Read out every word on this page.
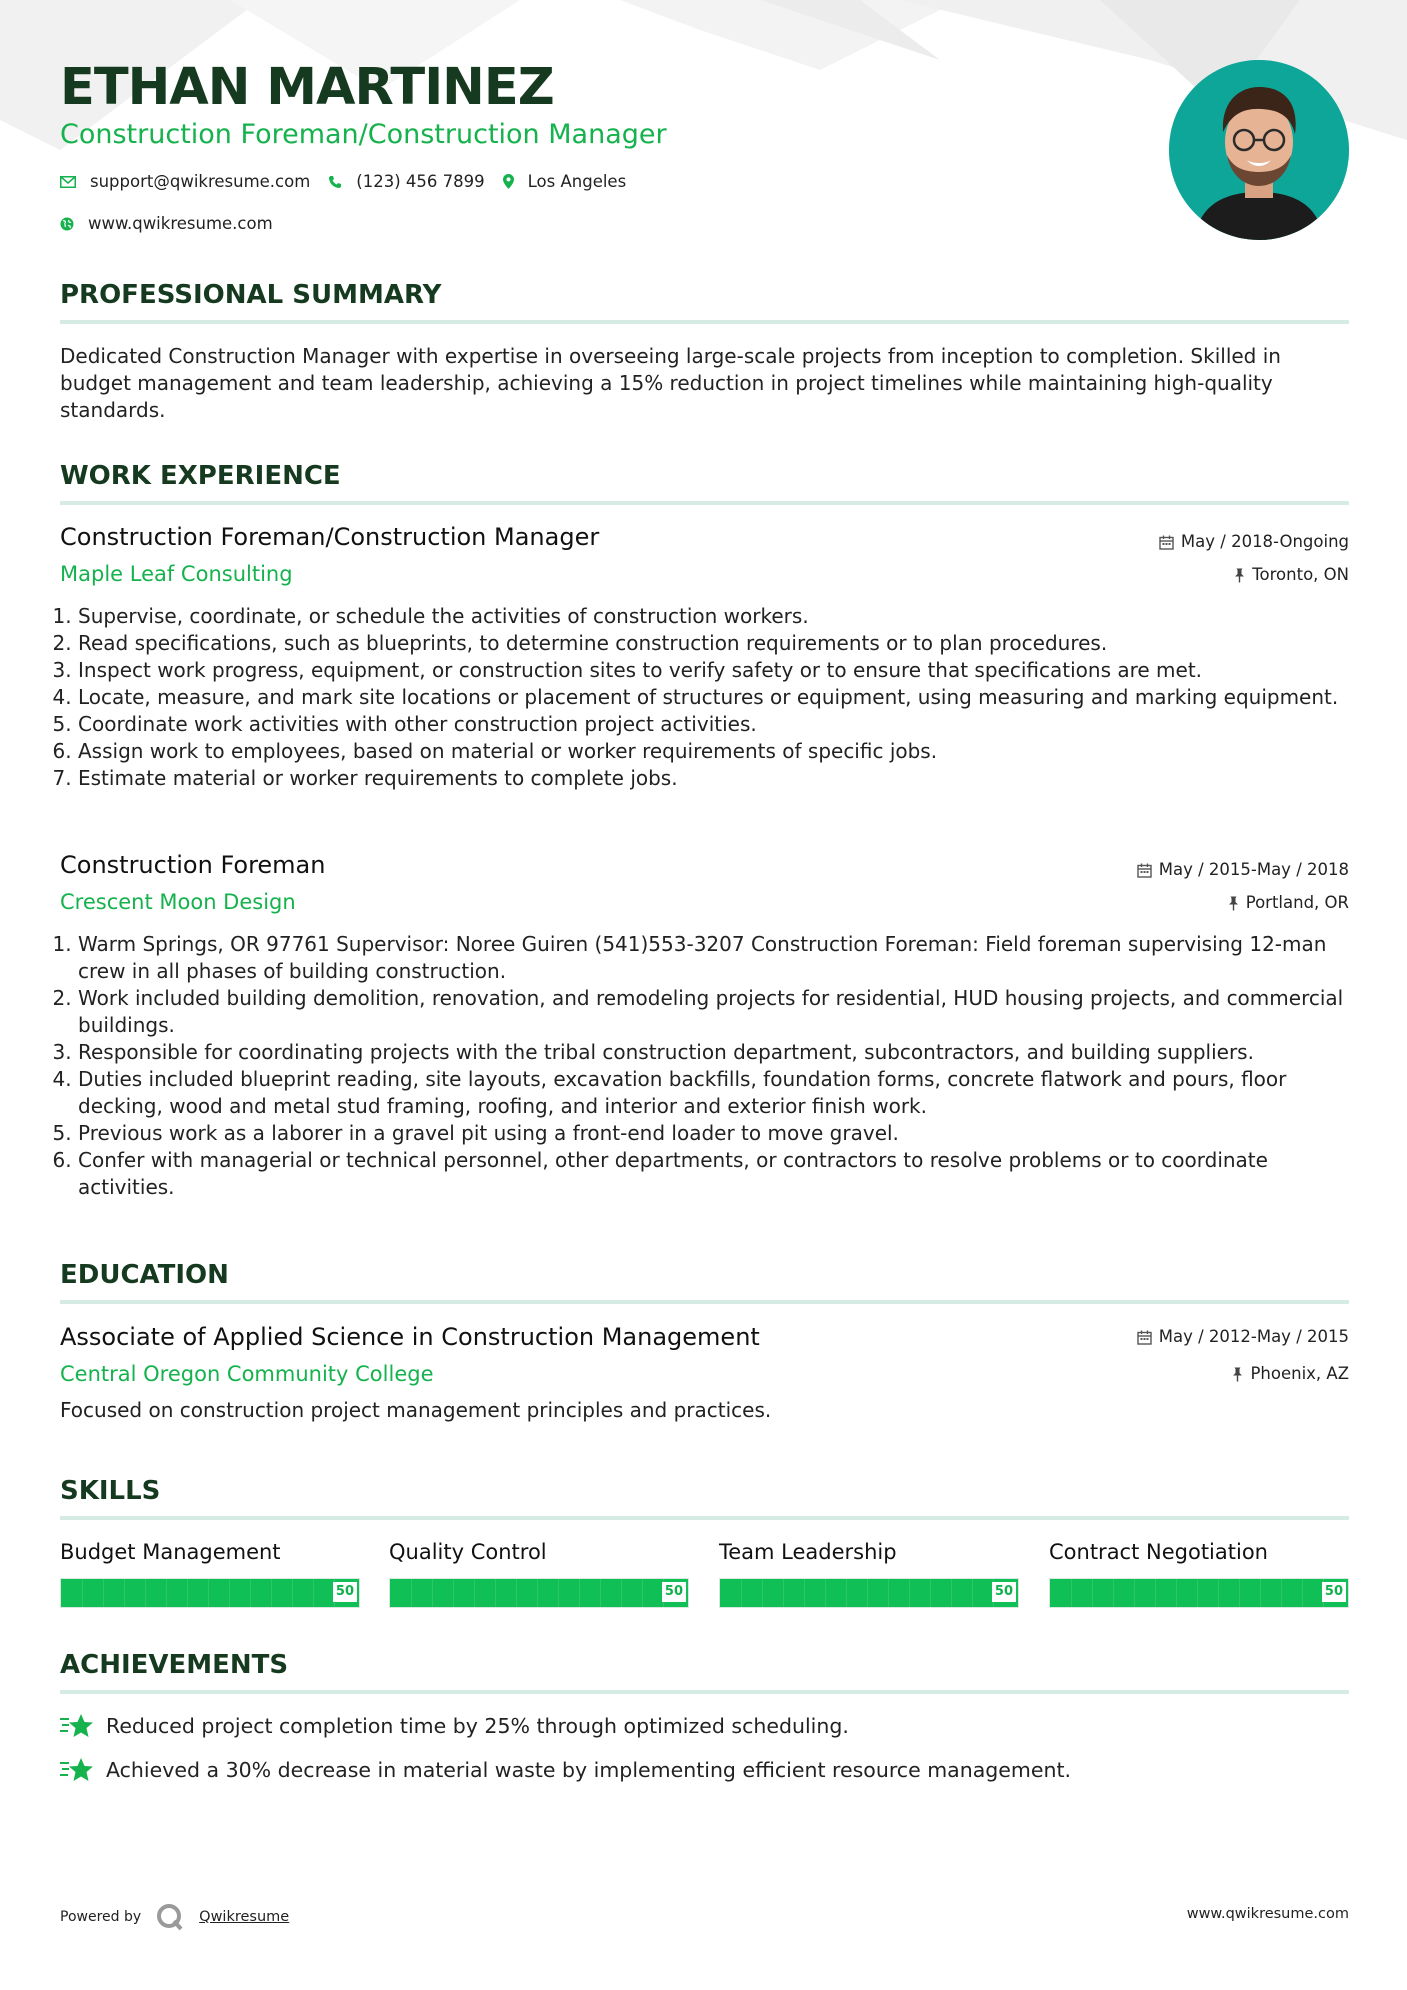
ETHAN MARTINEZ
Construction Foreman/Construction Manager
support@qwikresume.com	(123) 456 7899	Los Angeles
www.qwikresume.com
PROFESSIONAL SUMMARY

Dedicated Construction Manager with expertise in overseeing large-scale projects from inception to completion. Skilled in budget management and team leadership, achieving a 15% reduction in project timelines while maintaining high-quality standards.

WORK EXPERIENCE
Construction Foreman/Construction Manager
Maple Leaf Consulting
May / 2018-Ongoing
Toronto, ON
1. Supervise, coordinate, or schedule the activities of construction workers.
2. Read specifications, such as blueprints, to determine construction requirements or to plan procedures.
3. Inspect work progress, equipment, or construction sites to verify safety or to ensure that specifications are met.
4. Locate, measure, and mark site locations or placement of structures or equipment, using measuring and marking equipment.
5. Coordinate work activities with other construction project activities.
6. Assign work to employees, based on material or worker requirements of specific jobs.
7. Estimate material or worker requirements to complete jobs.
Construction Foreman
Crescent Moon Design
May / 2015-May / 2018
Portland, OR
1. Warm Springs, OR 97761 Supervisor: Noree Guiren (541)553-3207 Construction Foreman: Field foreman supervising 12-man crew in all phases of building construction.
2. Work included building demolition, renovation, and remodeling projects for residential, HUD housing projects, and commercial buildings.
3. Responsible for coordinating projects with the tribal construction department, subcontractors, and building suppliers.
4. Duties included blueprint reading, site layouts, excavation backfills, foundation forms, concrete flatwork and pours, floor decking, wood and metal stud framing, roofing, and interior and exterior finish work.
5. Previous work as a laborer in a gravel pit using a front-end loader to move gravel.
6. Confer with managerial or technical personnel, other departments, or contractors to resolve problems or to coordinate activities.
EDUCATION
Associate of Applied Science in Construction Management
Central Oregon Community College
May / 2012-May / 2015
Phoenix, AZ

Focused on construction project management principles and practices.

SKILLS
Budget Management
50
Quality Control
50
Team Leadership
50
Contract Negotiation
50
ACHIEVEMENTS
Reduced project completion time by 25% through optimized scheduling.
Achieved a 30% decrease in material waste by implementing efficient resource management.
Powered by	Qwikresume	www.qwikresume.com
